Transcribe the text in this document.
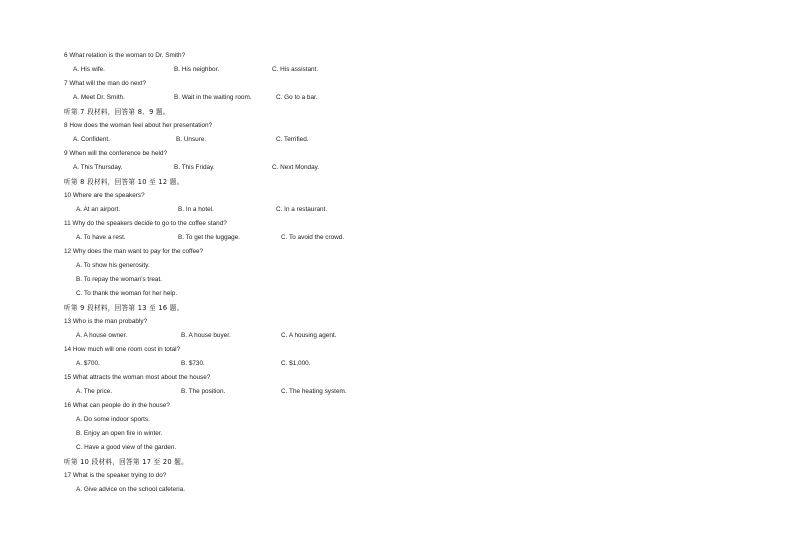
6 What relation is the woman to Dr. Smith?
A. His wife.	B. His neighbor.	C. His assistant.
7 What will the man do next?
A. Meet Dr. Smith.	B. Wait in the waiting room.	C. Go to a bar.
听第 7 段材料，回答第 8、9 题。
8 How does the woman feel about her presentation?
A. Confident.	B. Unsure.	C. Terrified.
9 When will the conference be held?
A. This Thursday.	B. This Friday.	C. Next Monday.
听第 8 段材料，回答第 10 至 12 题。
10 Where are the speakers?
A. At an airport.	B. In a hotel.	C. In a restaurant.
11 Why do the speakers decide to go to the coffee stand?
A. To have a rest.	B. To get the luggage.	C. To avoid the crowd.
12 Why does the man want to pay for the coffee?
A. To show his generosity.
B. To repay the woman's treat.
C. To thank the woman for her help.
听第 9 段材料，回答第 13 至 16 题。
13 Who is the man probably?
A. A house owner.	B. A house buyer.	C. A housing agent.
14 How much will one room cost in total?
A. $700.	B. $730.	C. $1,000.
15 What attracts the woman most about the house?
A. The price.	B. The position.	C. The heating system.
16 What can people do in the house?
A. Do some indoor sports.
B. Enjoy an open fire in winter.
C. Have a good view of the garden.
听第 10 段材料，回答第 17 至 20 题。
17 What is the speaker trying to do?
A. Give advice on the school cafeteria.
